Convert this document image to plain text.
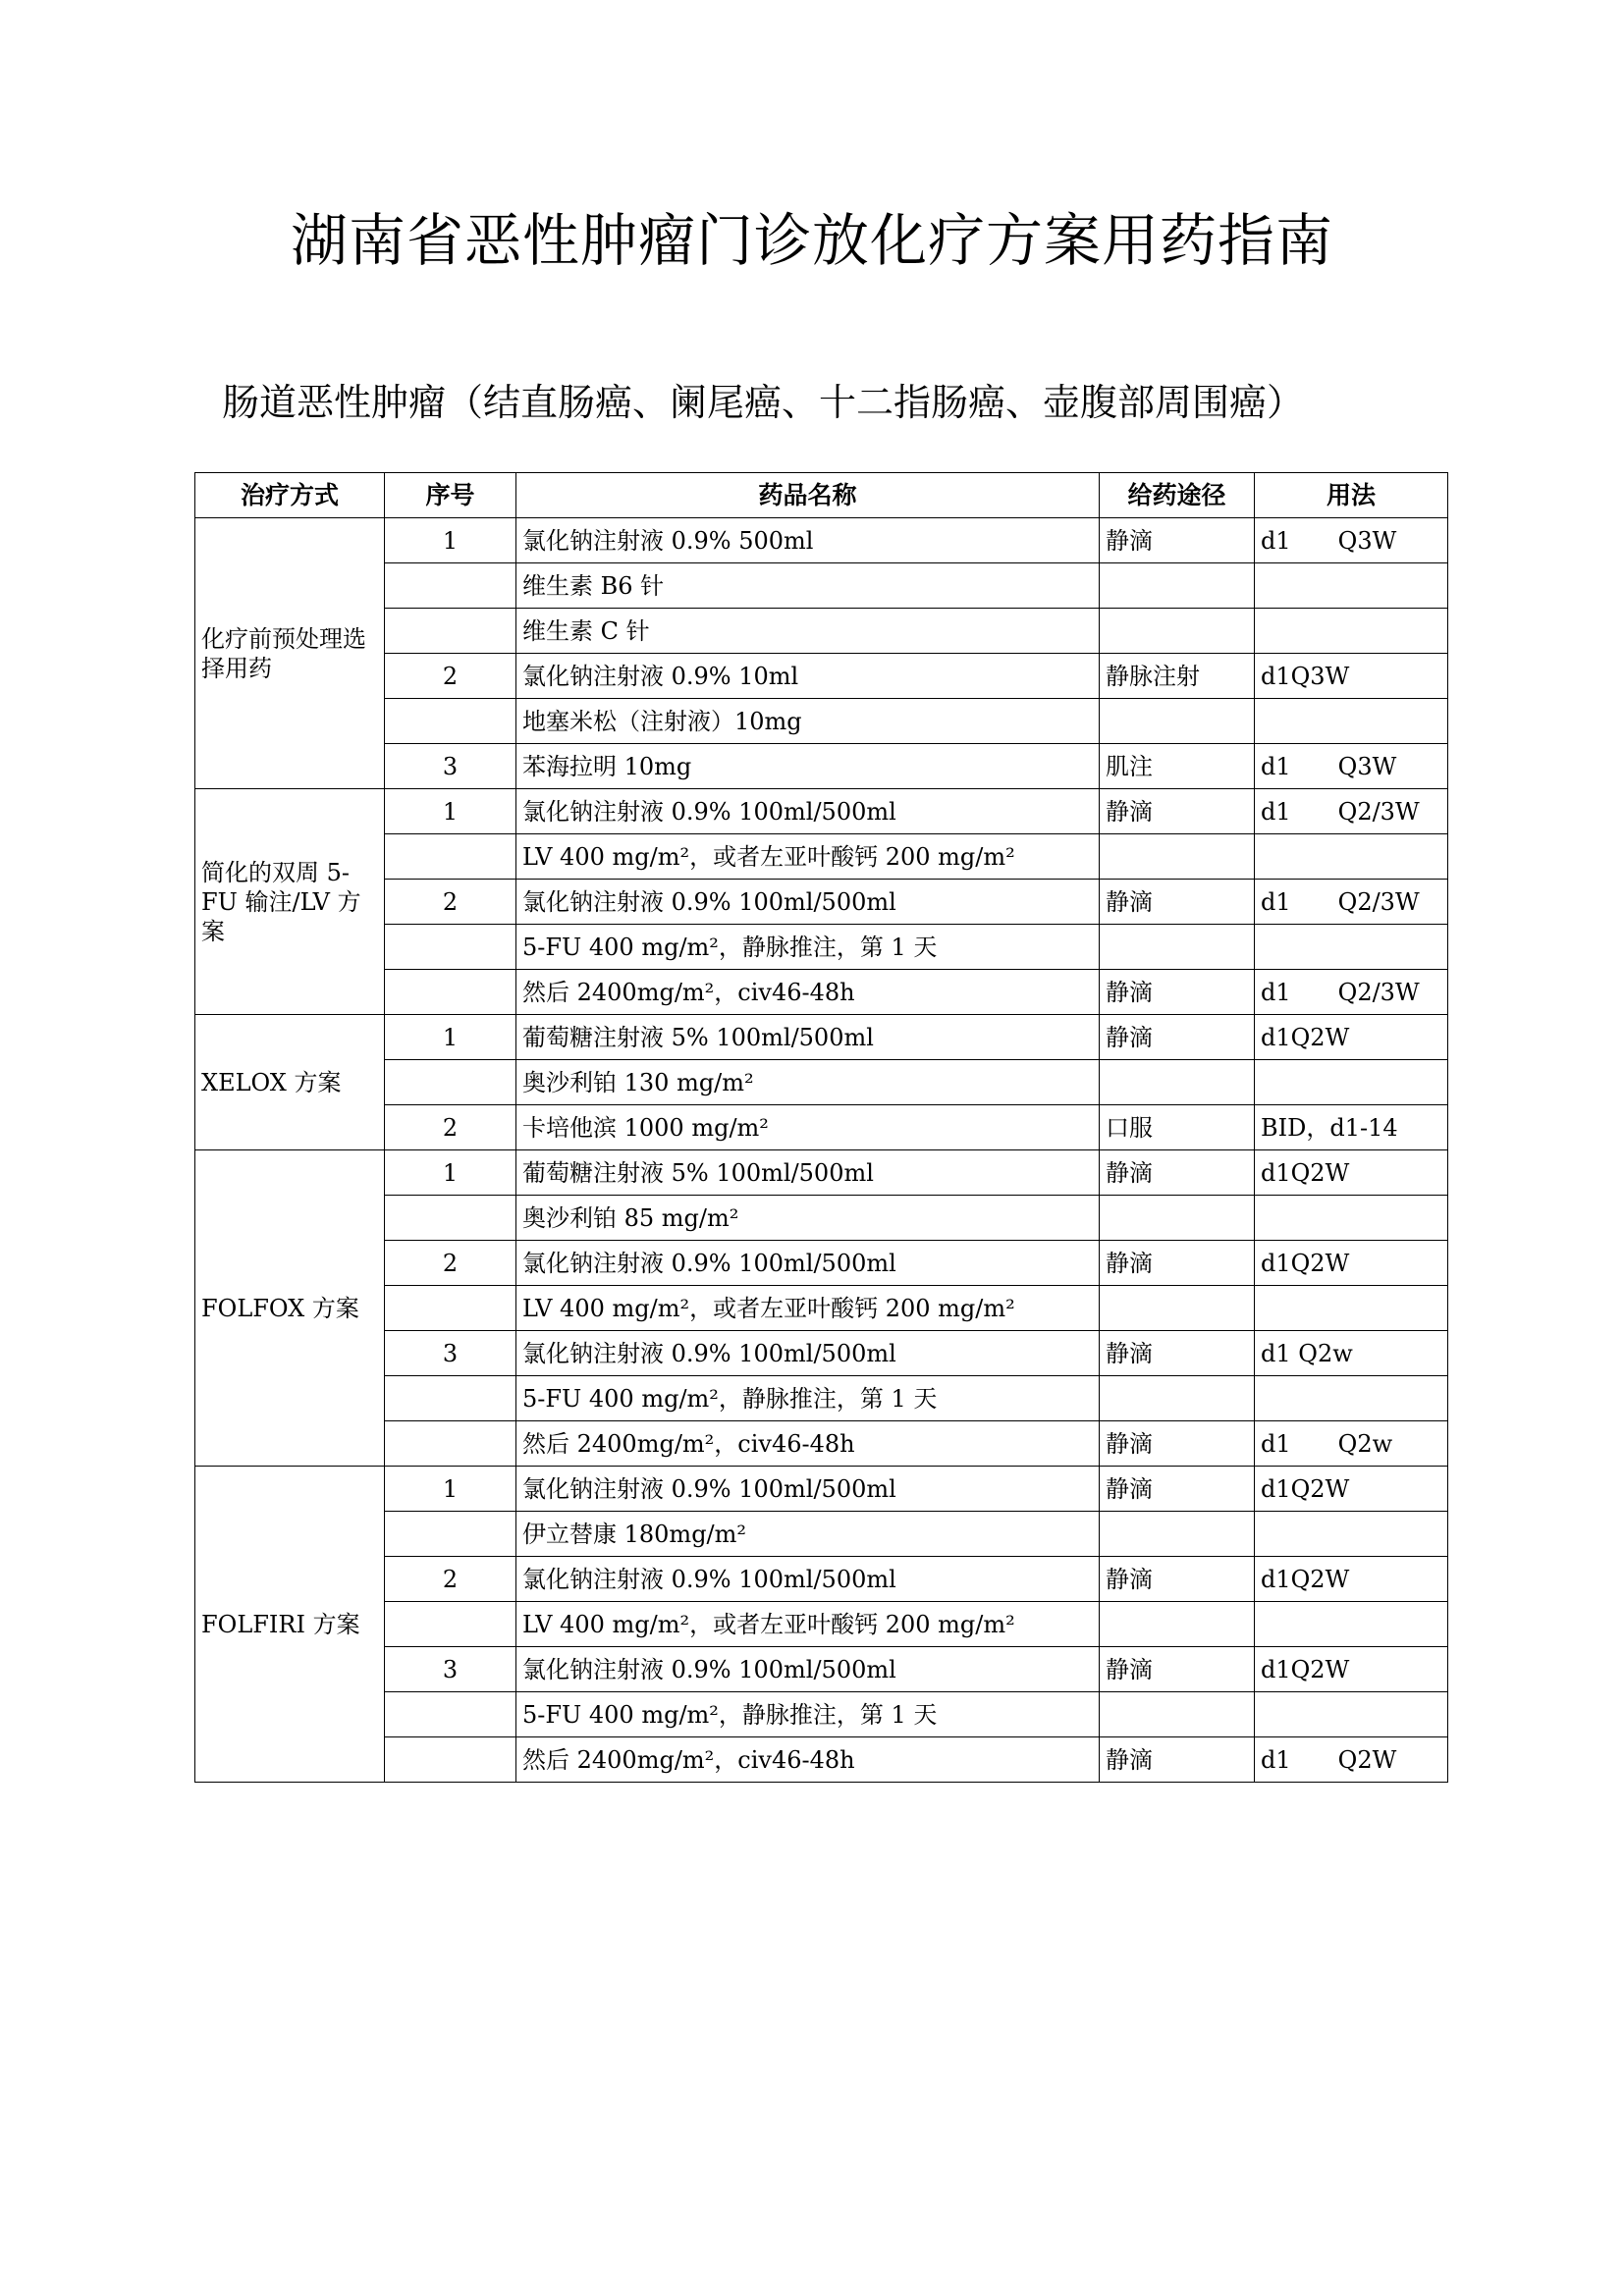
湖南省恶性肿瘤门诊放化疗方案用药指南
肠道恶性肿瘤（结直肠癌、阑尾癌、十二指肠癌、壶腹部周围癌）
治疗方式	序号	药品名称	给药途径	用法
化疗前预处理选择用药	1	氯化钠注射液 0.9% 500ml	静滴	d1 Q3W
		维生素 B6 针		
		维生素 C 针		
	2	氯化钠注射液 0.9% 10ml	静脉注射	d1Q3W
		地塞米松（注射液）10mg		
	3	苯海拉明 10mg	肌注	d1 Q3W
简化的双周 5-FU 输注/LV 方案	1	氯化钠注射液 0.9% 100ml/500ml	静滴	d1 Q2/3W
		LV 400 mg/m²，或者左亚叶酸钙 200 mg/m²		
	2	氯化钠注射液 0.9% 100ml/500ml	静滴	d1 Q2/3W
		5-FU 400 mg/m²，静脉推注，第 1 天		
		然后 2400mg/m²，civ46-48h	静滴	d1 Q2/3W
XELOX 方案	1	葡萄糖注射液 5% 100ml/500ml	静滴	d1Q2W
		奥沙利铂 130 mg/m²		
	2	卡培他滨 1000 mg/m²	口服	BID，d1-14
FOLFOX 方案	1	葡萄糖注射液 5% 100ml/500ml	静滴	d1Q2W
		奥沙利铂 85 mg/m²		
	2	氯化钠注射液 0.9% 100ml/500ml	静滴	d1Q2W
		LV 400 mg/m²，或者左亚叶酸钙 200 mg/m²		
	3	氯化钠注射液 0.9% 100ml/500ml	静滴	d1 Q2w
		5-FU 400 mg/m²，静脉推注，第 1 天		
		然后 2400mg/m²，civ46-48h	静滴	d1 Q2w
FOLFIRI 方案	1	氯化钠注射液 0.9% 100ml/500ml	静滴	d1Q2W
		伊立替康 180mg/m²		
	2	氯化钠注射液 0.9% 100ml/500ml	静滴	d1Q2W
		LV 400 mg/m²，或者左亚叶酸钙 200 mg/m²		
	3	氯化钠注射液 0.9% 100ml/500ml	静滴	d1Q2W
		5-FU 400 mg/m²，静脉推注，第 1 天		
		然后 2400mg/m²，civ46-48h	静滴	d1 Q2W
